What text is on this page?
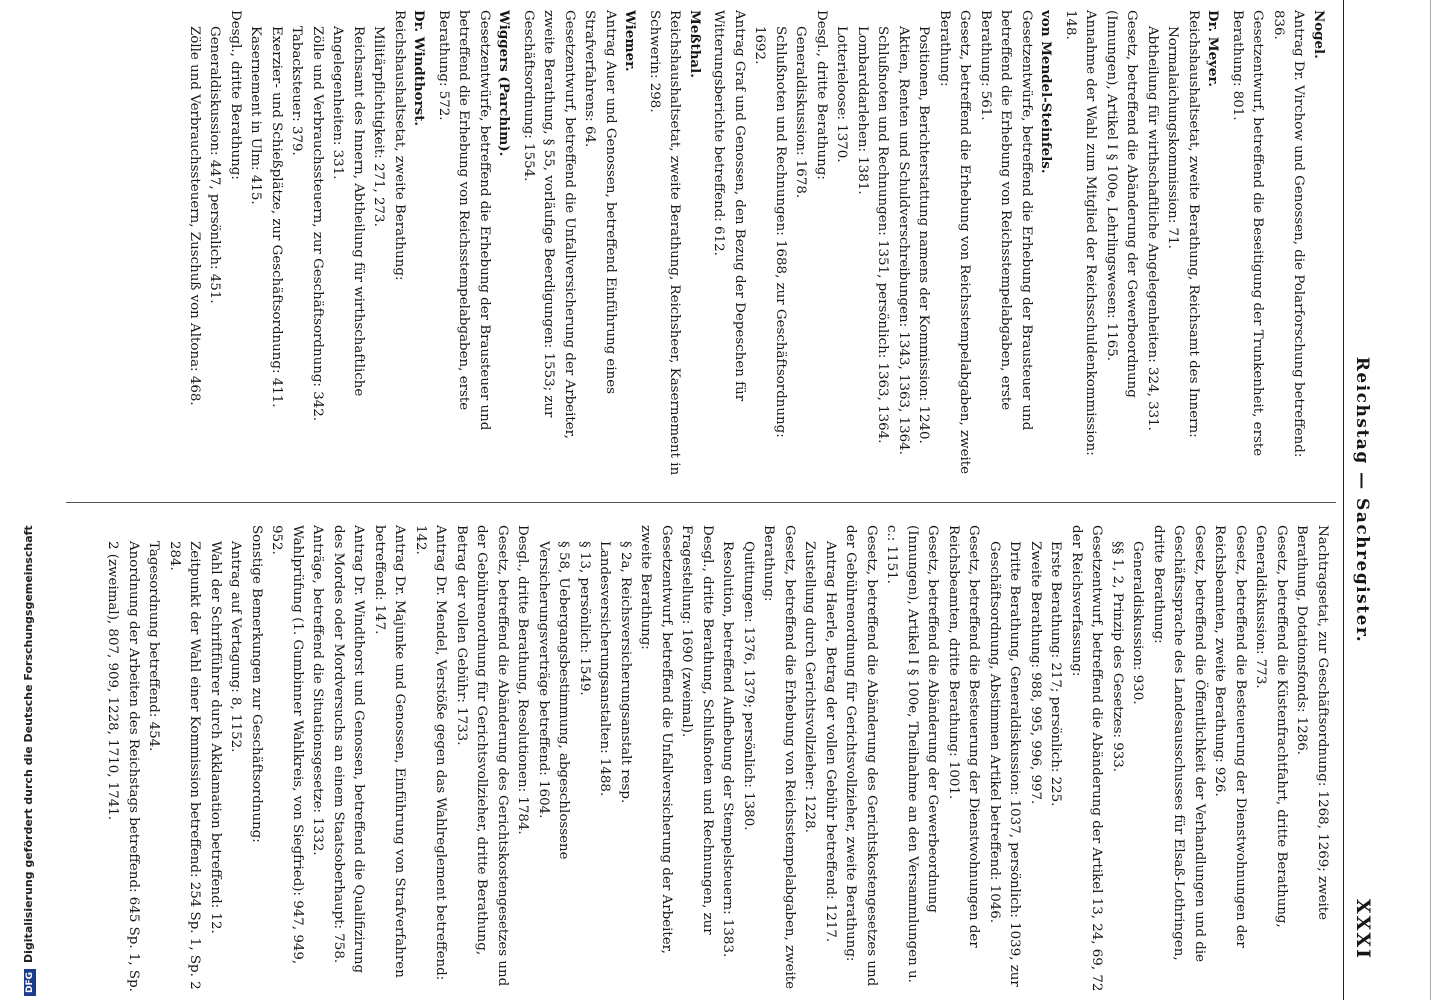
Reichstag — Sachregister.
XXXI
Nogel.
Antrag Dr. Virchow und Genossen, die Polarforschung betreffend: 836.
Gesetzentwurf, betreffend die Beseitigung der Trunkenheit, erste Berathung: 801.
Dr. Meyer.
Reichshaushaltsetat, zweite Berathung, Reichsamt des Innern:
Normalaichungskommission: 71.
Abtheilung für wirthschaftliche Angelegenheiten: 324, 331.
Gesetz, betreffend die Abänderung der Gewerbeordnung (Innungen), Artikel I § 100e, Lehrlingswesen: 1165.
Annahme der Wahl zum Mitglied der Reichsschuldenkommission: 148.
von Mendel-Steinfels.
Gesetzentwürfe, betreffend die Erhebung der Brausteuer und betreffend die Erhebung von Reichsstempelabgaben, erste Berathung: 561.
Gesetz, betreffend die Erhebung von Reichsstempelabgaben, zweite Berathung:
Positionen, Berichterstattung namens der Kommission: 1240.
Aktien, Renten und Schuldverschreibungen: 1343, 1363, 1364.
Schlußnoten und Rechnungen: 1351, persönlich: 1363, 1364.
Lombarddarlehen: 1381.
Lotterieloose: 1370.
Desgl., dritte Berathung:
Generaldiskussion: 1678.
Schlußnoten und Rechnungen: 1688, zur Geschäftsordnung: 1692.
Antrag Graf und Genossen, den Bezug der Depeschen für Witterungsberichte betreffend: 612.
Meßthal.
Reichshaushaltsetat, zweite Berathung, Reichsheer, Kasernement in Schwerin: 298.
Wiemer.
Antrag Auer und Genossen, betreffend Einführung eines Strafverfahrens: 64.
Gesetzentwurf, betreffend die Unfallversicherung der Arbeiter, zweite Berathung, § 55, vorläufige Beerdigungen: 1553; zur Geschäftsordnung: 1554.
Wiggers (Parchim).
Gesetzentwürfe, betreffend die Erhebung der Brausteuer und betreffend die Erhebung von Reichsstempelabgaben, erste Berathung: 572.
Dr. Windthorst.
Reichshaushaltsetat, zweite Berathung:
Militärpflichtigkeit: 271, 273.
Reichsamt des Innern, Abtheilung für wirthschaftliche Angelegenheiten: 331.
Zölle und Verbrauchssteuern, zur Geschäftsordnung: 342.
Tabacksteuer: 379.
Exerzier- und Schießplätze, zur Geschäftsordnung: 411.
Kasernement in Ulm: 415.
Desgl., dritte Berathung:
Generaldiskussion: 447, persönlich: 451.
Zölle und Verbrauchssteuern, Zuschuß von Altona: 468.
Nachtragsetat, zur Geschäftsordnung: 1268, 1269; zweite Berathung, Dotationsfonds: 1286.
Gesetz, betreffend die Küstenfrachtfahrt, dritte Berathung, Generaldiskussion: 773.
Gesetz, betreffend die Besteuerung der Dienstwohnungen der Reichsbeamten, zweite Berathung: 926.
Gesetz, betreffend die Öffentlichkeit der Verhandlungen und die Geschäftssprache des Landesausschusses für Elsaß-Lothringen, dritte Berathung:
Generaldiskussion: 930.
§§ 1, 2, Prinzip des Gesetzes: 933.
Gesetzentwurf, betreffend die Abänderung der Artikel 13, 24, 69, 72 der Reichsverfassung:
Erste Berathung: 217; persönlich: 225.
Zweite Berathung: 988, 995, 996, 997.
Dritte Berathung, Generaldiskussion: 1037, persönlich: 1039, zur Geschäftsordnung, Abstimmen Artikel betreffend: 1046.
Gesetz, betreffend die Besteuerung der Dienstwohnungen der Reichsbeamten, dritte Berathung: 1001.
Gesetz, betreffend die Abänderung der Gewerbeordnung (Innungen), Artikel I § 100e, Theilnahme an den Versammlungen u. c.: 1151.
Gesetz, betreffend die Abänderung des Gerichtskostengesetzes und der Gebührenordnung für Gerichtsvollzieher, zweite Berathung:
Antrag Haerle, Betrag der vollen Gebühr betreffend: 1217.
Zustellung durch Gerichtsvollzieher: 1228.
Gesetz, betreffend die Erhebung von Reichsstempelabgaben, zweite Berathung:
Quittungen: 1376, 1379; persönlich: 1380.
Resolution, betreffend Aufhebung der Stempelsteuern: 1383.
Desgl., dritte Berathung, Schlußnoten und Rechnungen, zur Fragestellung: 1690 (zweimal).
Gesetzentwurf, betreffend die Unfallversicherung der Arbeiter, zweite Berathung:
§ 2a, Reichsversicherungsanstalt resp. Landesversicherungsanstalten: 1488.
§ 13, persönlich: 1549.
§ 58, Uebergangsbestimmung, abgeschlossene Versicherungsverträge betreffend: 1604.
Desgl., dritte Berathung, Resolutionen: 1784.
Gesetz, betreffend die Abänderung des Gerichtskostengesetzes und der Gebührenordnung für Gerichtsvollzieher, dritte Berathung, Betrag der vollen Gebühr: 1733.
Antrag Dr. Mendel, Verstöße gegen das Wahlreglement betreffend: 142.
Antrag Dr. Majunke und Genossen, Einführung von Strafverfahren betreffend: 147.
Antrag Dr. Windthorst und Genossen, betreffend die Qualifizirung des Mordes oder Mordversuchs an einem Staatsoberhaupt: 758.
Anträge, betreffend die Situationsgesetze: 1332.
Wahlprüfung (1. Gumbinner Wahlkreis, von Siegfried): 947, 949, 952.
Sonstige Bemerkungen zur Geschäftsordnung:
Antrag auf Vertagung: 8, 1152.
Wahl der Schriftführer durch Akklamation betreffend: 12.
Zeitpunkt der Wahl einer Kommission betreffend: 254 Sp. 1, Sp. 2 284.
Tagesordnung betreffend: 454.
Anordnung der Arbeiten des Reichstags betreffend: 645 Sp. 1, Sp. 2 (zweimal), 807, 909, 1228, 1710, 1741.
DFGDigitalisierung gefördert durch die Deutsche Forschungsgemeinschaft
